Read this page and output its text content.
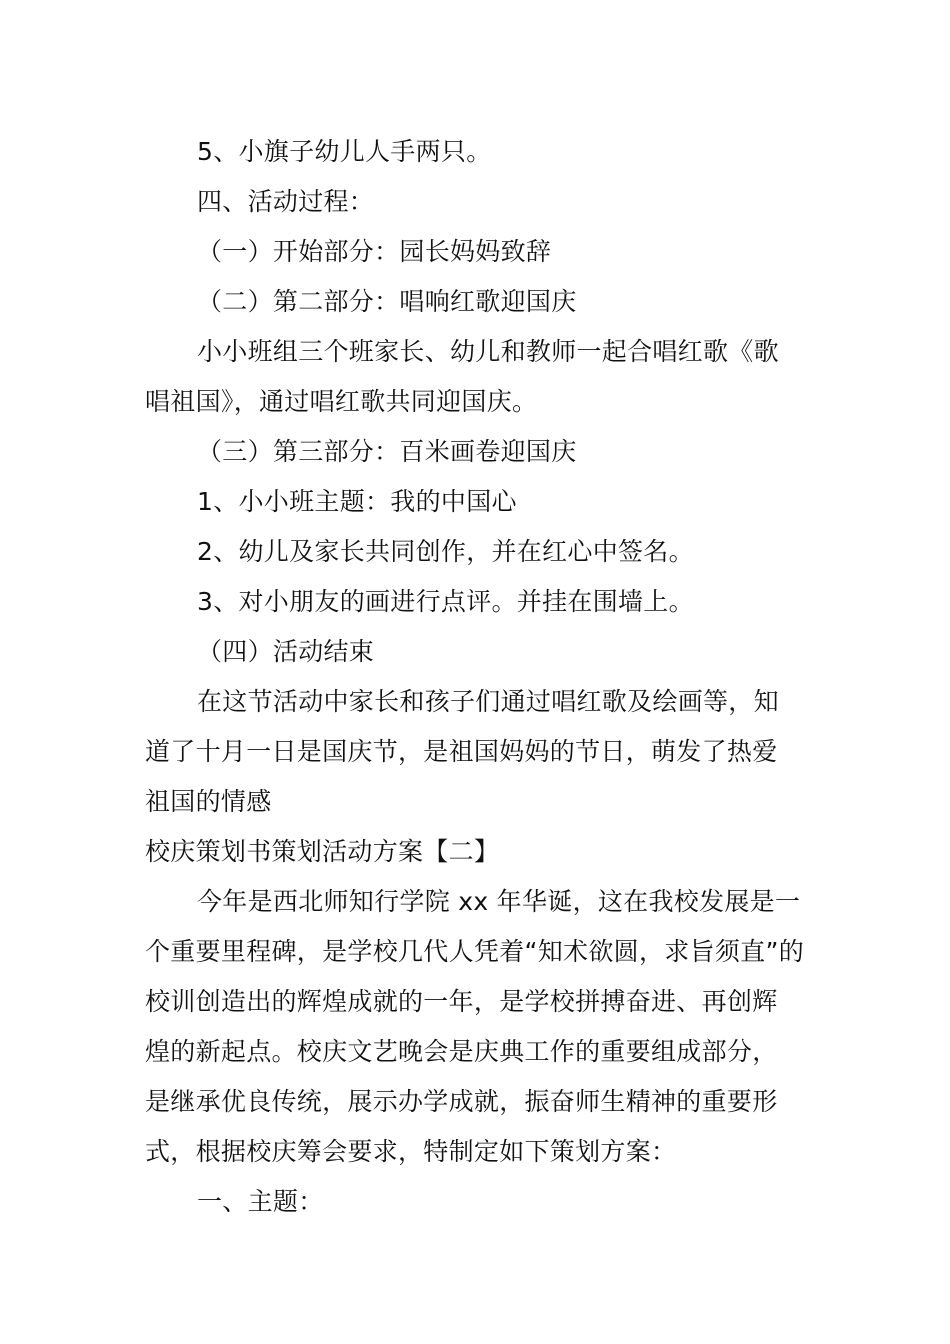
5、小旗子幼儿人手两只。
四、活动过程：
（一）开始部分：园长妈妈致辞
（二）第二部分：唱响红歌迎国庆
小小班组三个班家长、幼儿和教师一起合唱红歌《歌
唱祖国》，通过唱红歌共同迎国庆。
（三）第三部分：百米画卷迎国庆
1、小小班主题：我的中国心
2、幼儿及家长共同创作，并在红心中签名。
3、对小朋友的画进行点评。并挂在围墙上。
（四）活动结束
在这节活动中家长和孩子们通过唱红歌及绘画等，知
道了十月一日是国庆节，是祖国妈妈的节日，萌发了热爱
祖国的情感
校庆策划书策划活动方案【二】
今年是西北师知行学院 xx 年华诞，这在我校发展是一
个重要里程碑，是学校几代人凭着“知术欲圆，求旨须直”的
校训创造出的辉煌成就的一年，是学校拼搏奋进、再创辉
煌的新起点。校庆文艺晚会是庆典工作的重要组成部分，
是继承优良传统，展示办学成就，振奋师生精神的重要形
式，根据校庆筹会要求，特制定如下策划方案：
一、主题：
